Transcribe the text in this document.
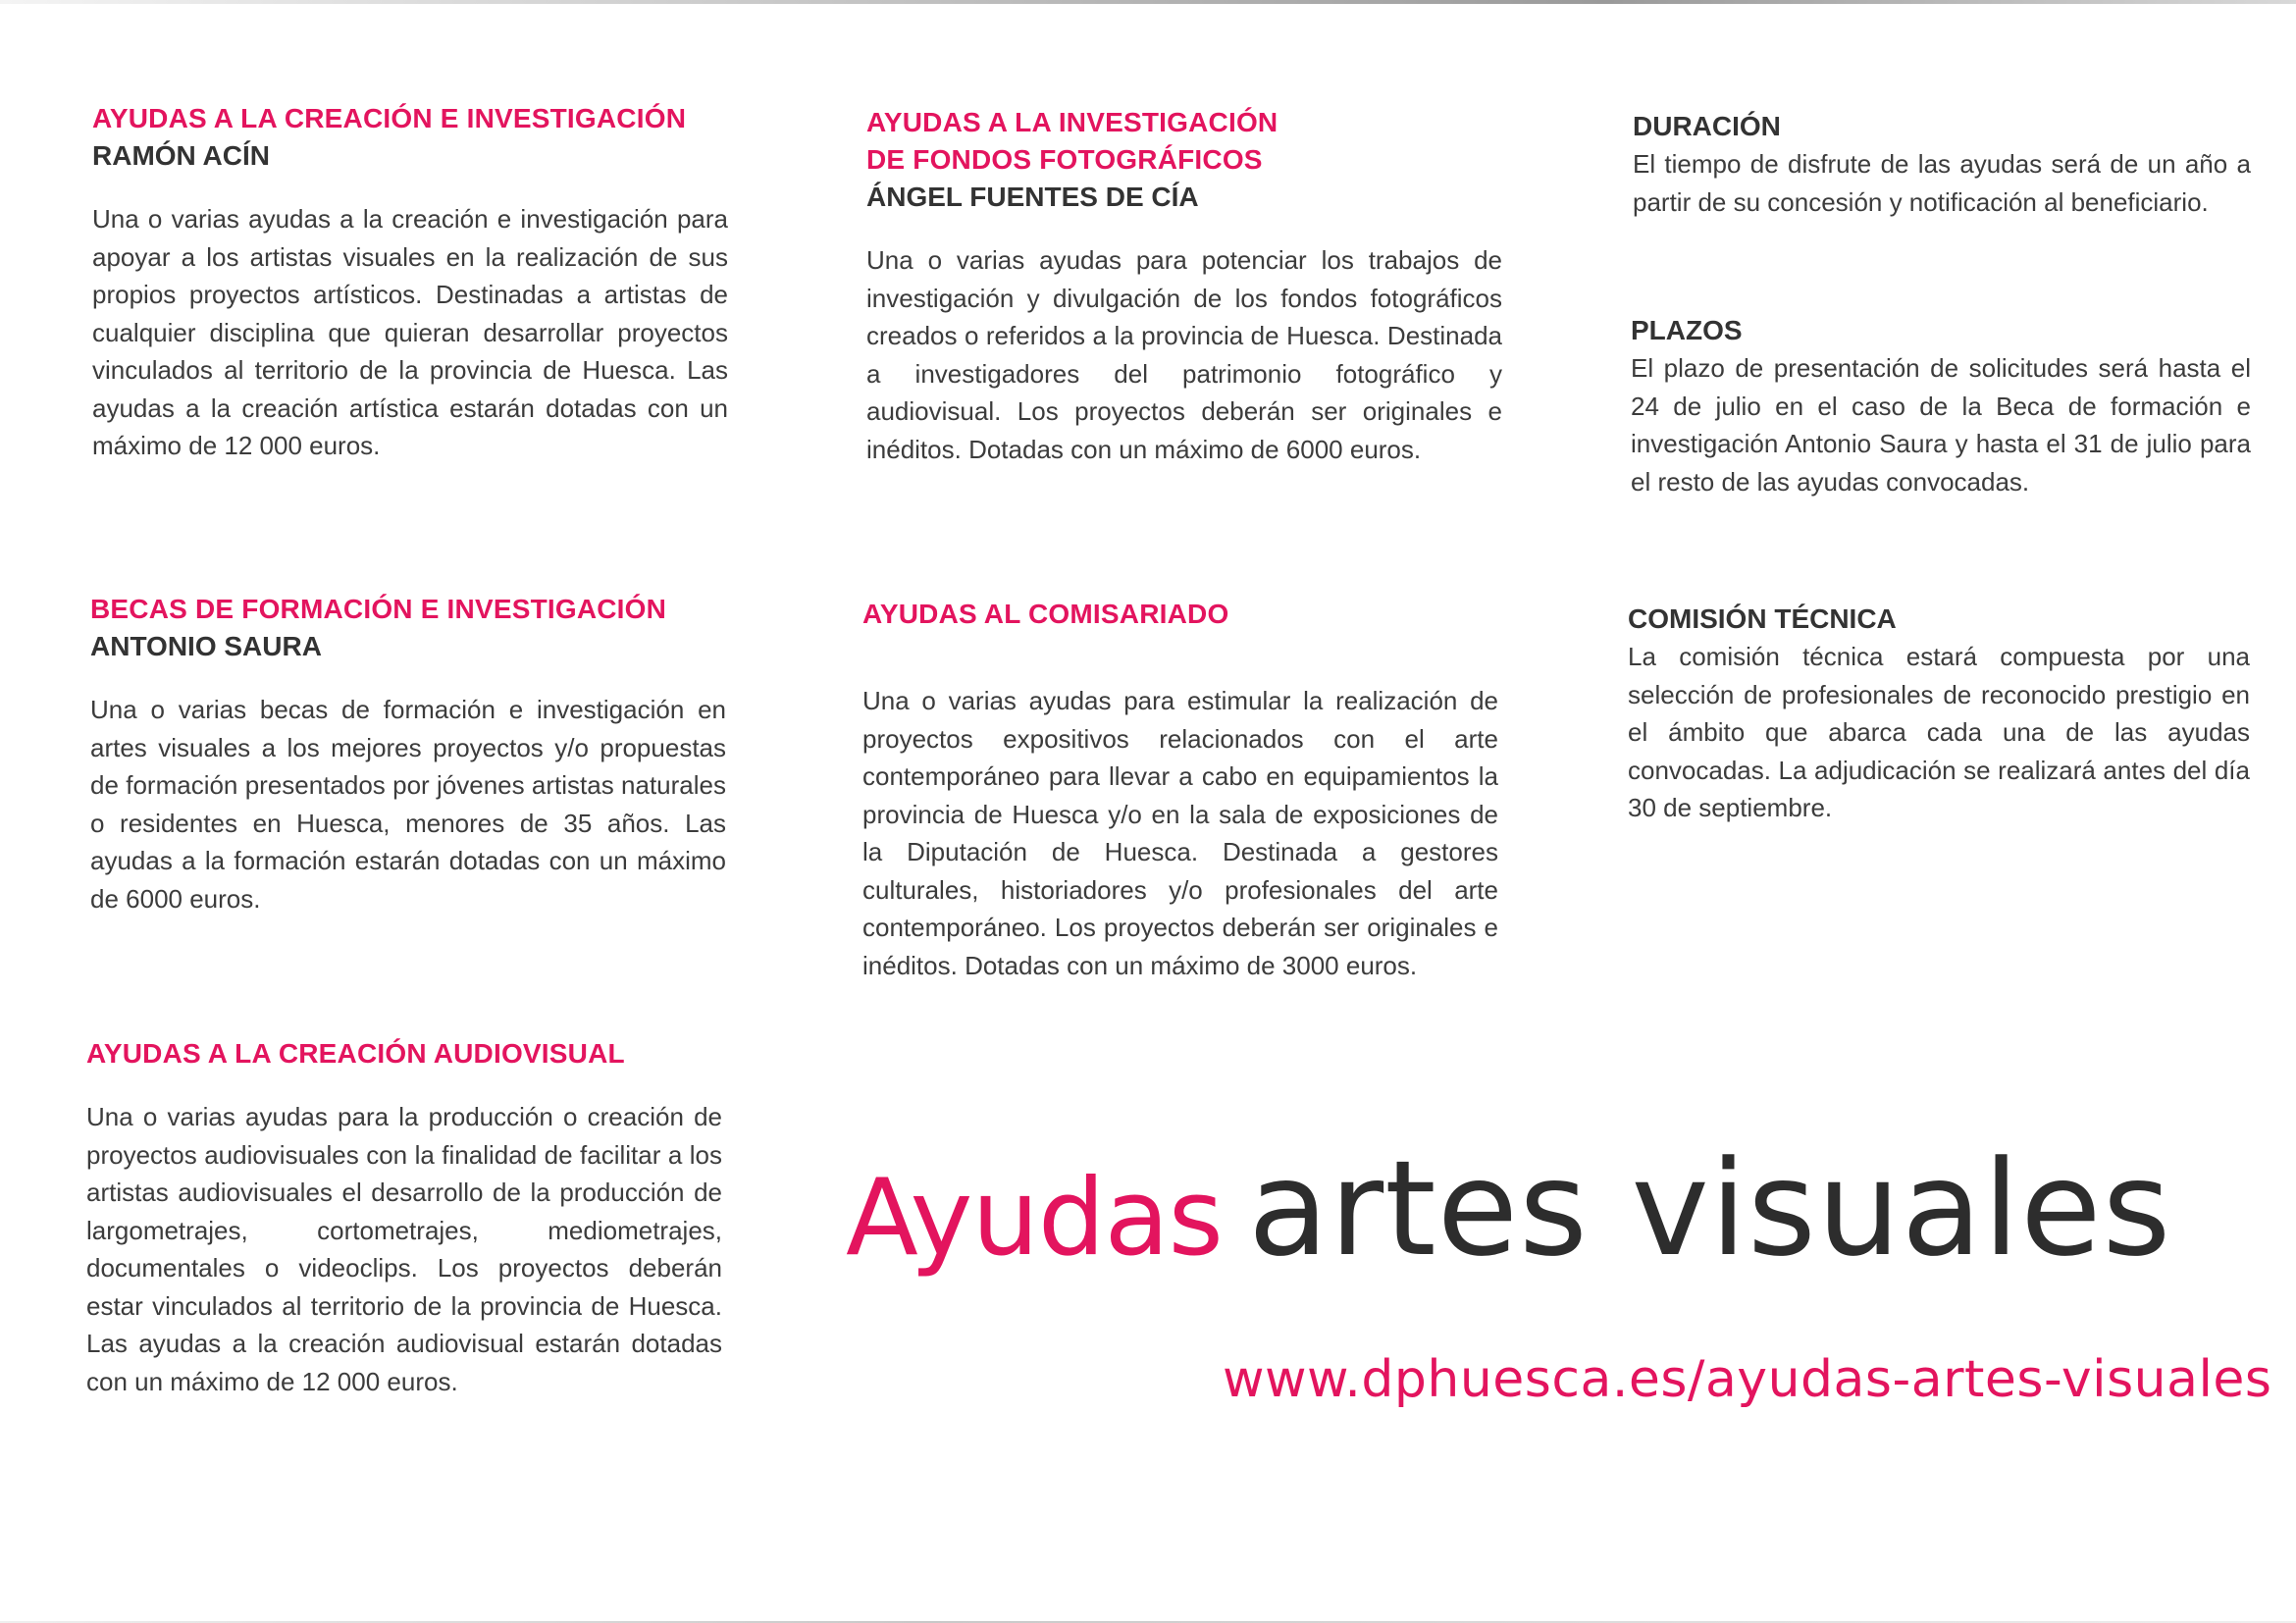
AYUDAS A LA CREACIÓN E INVESTIGACIÓN

RAMÓN ACÍN

Una o varias ayudas a la creación e investigación para apoyar a los artistas visuales en la realización de sus propios proyectos artísticos. Destinadas a artistas de cualquier disciplina que quieran desarrollar proyectos vinculados al territorio de la provincia de Huesca. Las ayudas a la creación artística estarán dotadas con un máximo de 12 000 euros.

BECAS DE FORMACIÓN E INVESTIGACIÓN

ANTONIO SAURA

Una o varias becas de formación e investigación en artes visuales a los mejores proyectos y/o propuestas de formación presentados por jóvenes artistas naturales o residentes en Huesca, menores de 35 años. Las ayudas a la formación estarán dotadas con un máximo de 6000 euros.

AYUDAS A LA CREACIÓN AUDIOVISUAL

Una o varias ayudas para la producción o creación de proyectos audiovisuales con la finalidad de facilitar a los artistas audiovisuales el desarrollo de la producción de largometrajes, cortometrajes, mediometrajes, documentales o videoclips. Los proyectos deberán estar vinculados al territorio de la provincia de Huesca. Las ayudas a la creación audiovisual estarán dotadas con un máximo de 12 000 euros.

AYUDAS A LA INVESTIGACIÓN

DE FONDOS FOTOGRÁFICOS

ÁNGEL FUENTES DE CÍA

Una o varias ayudas para potenciar los trabajos de investigación y divulgación de los fondos fotográficos creados o referidos a la provincia de Huesca. Destinada a investigadores del patrimonio fotográfico y audiovisual. Los proyectos deberán ser originales e inéditos. Dotadas con un máximo de 6000 euros.

AYUDAS AL COMISARIADO

Una o varias ayudas para estimular la realización de proyectos expositivos relacionados con el arte contemporáneo para llevar a cabo en equipamientos la provincia de Huesca y/o en la sala de exposiciones de la Diputación de Huesca. Destinada a gestores culturales, historiadores y/o profesionales del arte contemporáneo. Los proyectos deberán ser originales e inéditos. Dotadas con un máximo de 3000 euros.

DURACIÓN

El tiempo de disfrute de las ayudas será de un año a partir de su concesión y notificación al beneficiario.

PLAZOS

El plazo de presentación de solicitudes será hasta el 24 de julio en el caso de la Beca de formación e investigación Antonio Saura y hasta el 31 de julio para el resto de las ayudas convocadas.

COMISIÓN TÉCNICA

La comisión técnica estará compuesta por una selección de profesionales de reconocido prestigio en el ámbito que abarca cada una de las ayudas convocadas. La adjudicación se realizará antes del día 30 de septiembre.

Ayudas artes visuales
www.dphuesca.es/ayudas-artes-visuales
